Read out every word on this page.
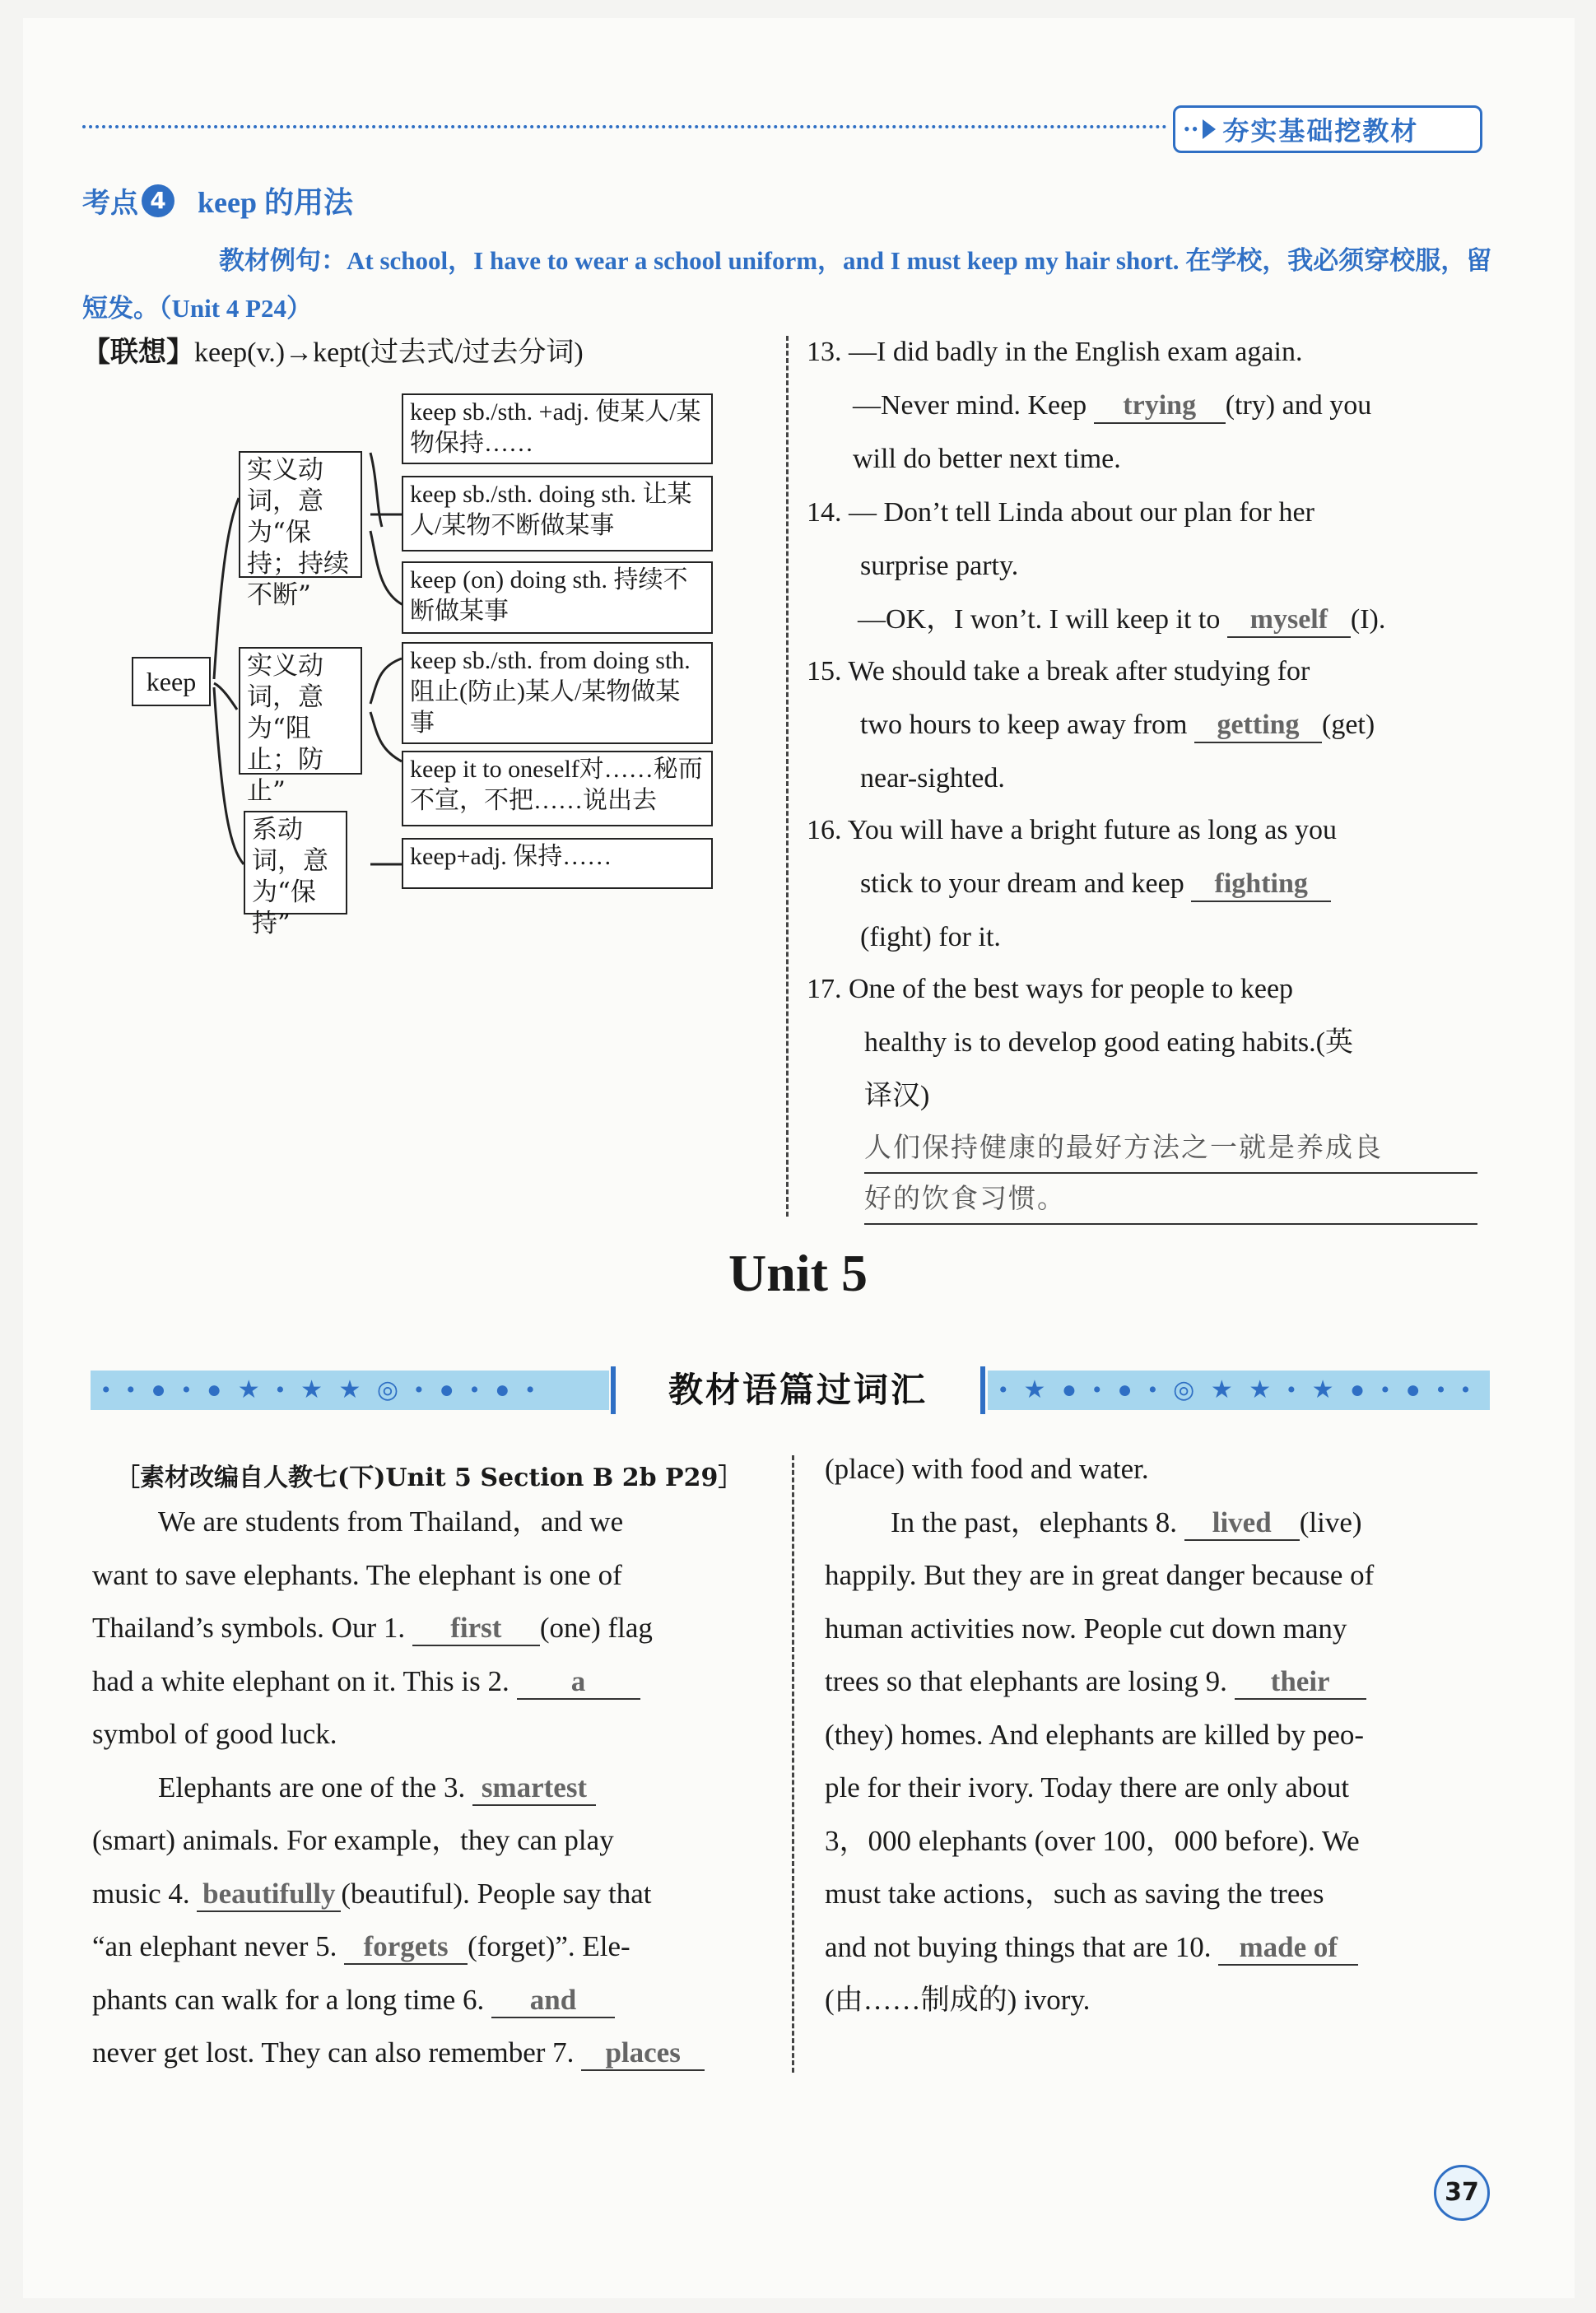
•• 夯实基础挖教材
考点 4 keep 的用法
教材例句：At school，I have to wear a school uniform，and I must keep my hair short. 在学校，我必须穿校服，留短发。（Unit 4 P24）
【联想】keep(v.)→kept(过去式/过去分词)
keep
实义动词，意为“保持；持续不断”
实义动词，意为“阻止；防止”
系动词，意为“保持”
keep sb./sth. +adj. 使某人/某物保持……
keep sb./sth. doing sth. 让某人/某物不断做某事
keep (on) doing sth. 持续不断做某事
keep sb./sth. from doing sth. 阻止(防止)某人/某物做某事
keep it to oneself对……秘而不宣，不把……说出去
keep+adj. 保持……
13. —I did badly in the English exam again.
—Never mind. Keep trying (try) and you
will do better next time.
14. — Don’t tell Linda about our plan for her
surprise party.
—OK，I won’t. I will keep it to myself (I).
15. We should take a break after studying for
two hours to keep away from getting (get)
near-sighted.
16. You will have a bright future as long as you
stick to your dream and keep fighting
(fight) for it.
17. One of the best ways for people to keep
healthy is to develop good eating habits.(英
译汉)
人们保持健康的最好方法之一就是养成良
好的饮食习惯。
Unit 5
• • ● • ● ★ • ★ ★ ◎ • ● • ● •	教材语篇过词汇	• ★ ● • ● • ◎ ★ ★ • ★ ● • ● • •
［素材改编自人教七(下)Unit 5 Section B 2b P29］
We are students from Thailand，and we
want to save elephants. The elephant is one of
Thailand’s symbols. Our 1. first (one) flag
had a white elephant on it. This is 2. a
symbol of good luck.
Elephants are one of the 3. smartest
(smart) animals. For example，they can play
music 4. beautifully (beautiful). People say that
“an elephant never 5. forgets (forget)”. Ele-
phants can walk for a long time 6. and
never get lost. They can also remember 7. places
(place) with food and water.
In the past，elephants 8. lived (live)
happily. But they are in great danger because of
human activities now. People cut down many
trees so that elephants are losing 9. their
(they) homes. And elephants are killed by peo-
ple for their ivory. Today there are only about
3，000 elephants (over 100，000 before). We
must take actions，such as saving the trees
and not buying things that are 10. made of
(由……制成的) ivory.
37
